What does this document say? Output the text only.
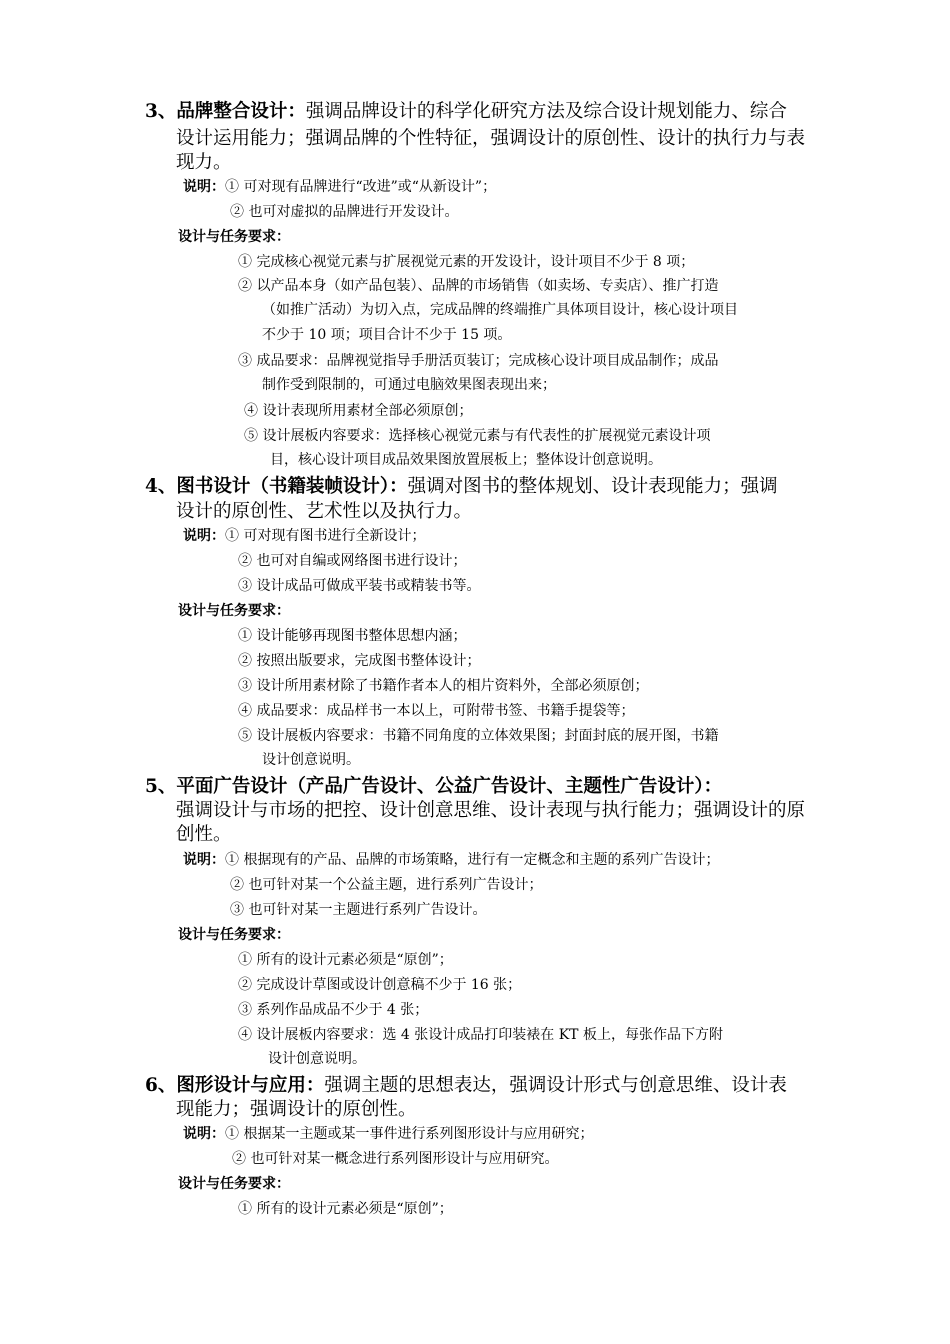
3、品牌整合设计：强调品牌设计的科学化研究方法及综合设计规划能力、综合
设计运用能力；强调品牌的个性特征，强调设计的原创性、设计的执行力与表
现力。
说明：① 可对现有品牌进行“改进”或“从新设计”；
② 也可对虚拟的品牌进行开发设计。
设计与任务要求：
① 完成核心视觉元素与扩展视觉元素的开发设计，设计项目不少于 8 项；
② 以产品本身（如产品包装）、品牌的市场销售（如卖场、专卖店）、推广打造
（如推广活动）为切入点，完成品牌的终端推广具体项目设计，核心设计项目
不少于 10 项；项目合计不少于 15 项。
③ 成品要求：品牌视觉指导手册活页装订；完成核心设计项目成品制作；成品
制作受到限制的，可通过电脑效果图表现出来；
④ 设计表现所用素材全部必须原创；
⑤ 设计展板内容要求：选择核心视觉元素与有代表性的扩展视觉元素设计项
目，核心设计项目成品效果图放置展板上；整体设计创意说明。
4、图书设计（书籍装帧设计）：强调对图书的整体规划、设计表现能力；强调
设计的原创性、艺术性以及执行力。
说明：① 可对现有图书进行全新设计；
② 也可对自编或网络图书进行设计；
③ 设计成品可做成平装书或精装书等。
设计与任务要求：
① 设计能够再现图书整体思想内涵；
② 按照出版要求，完成图书整体设计；
③ 设计所用素材除了书籍作者本人的相片资料外，全部必须原创；
④ 成品要求：成品样书一本以上，可附带书签、书籍手提袋等；
⑤ 设计展板内容要求：书籍不同角度的立体效果图；封面封底的展开图，书籍
设计创意说明。
5、平面广告设计（产品广告设计、公益广告设计、主题性广告设计）：
强调设计与市场的把控、设计创意思维、设计表现与执行能力；强调设计的原
创性。
说明：① 根据现有的产品、品牌的市场策略，进行有一定概念和主题的系列广告设计；
② 也可针对某一个公益主题，进行系列广告设计；
③ 也可针对某一主题进行系列广告设计。
设计与任务要求：
① 所有的设计元素必须是“原创”；
② 完成设计草图或设计创意稿不少于 16 张；
③ 系列作品成品不少于 4 张；
④ 设计展板内容要求：选 4 张设计成品打印装裱在 KT 板上，每张作品下方附
设计创意说明。
6、图形设计与应用：强调主题的思想表达，强调设计形式与创意思维、设计表
现能力；强调设计的原创性。
说明：① 根据某一主题或某一事件进行系列图形设计与应用研究；
② 也可针对某一概念进行系列图形设计与应用研究。
设计与任务要求：
① 所有的设计元素必须是“原创”；
